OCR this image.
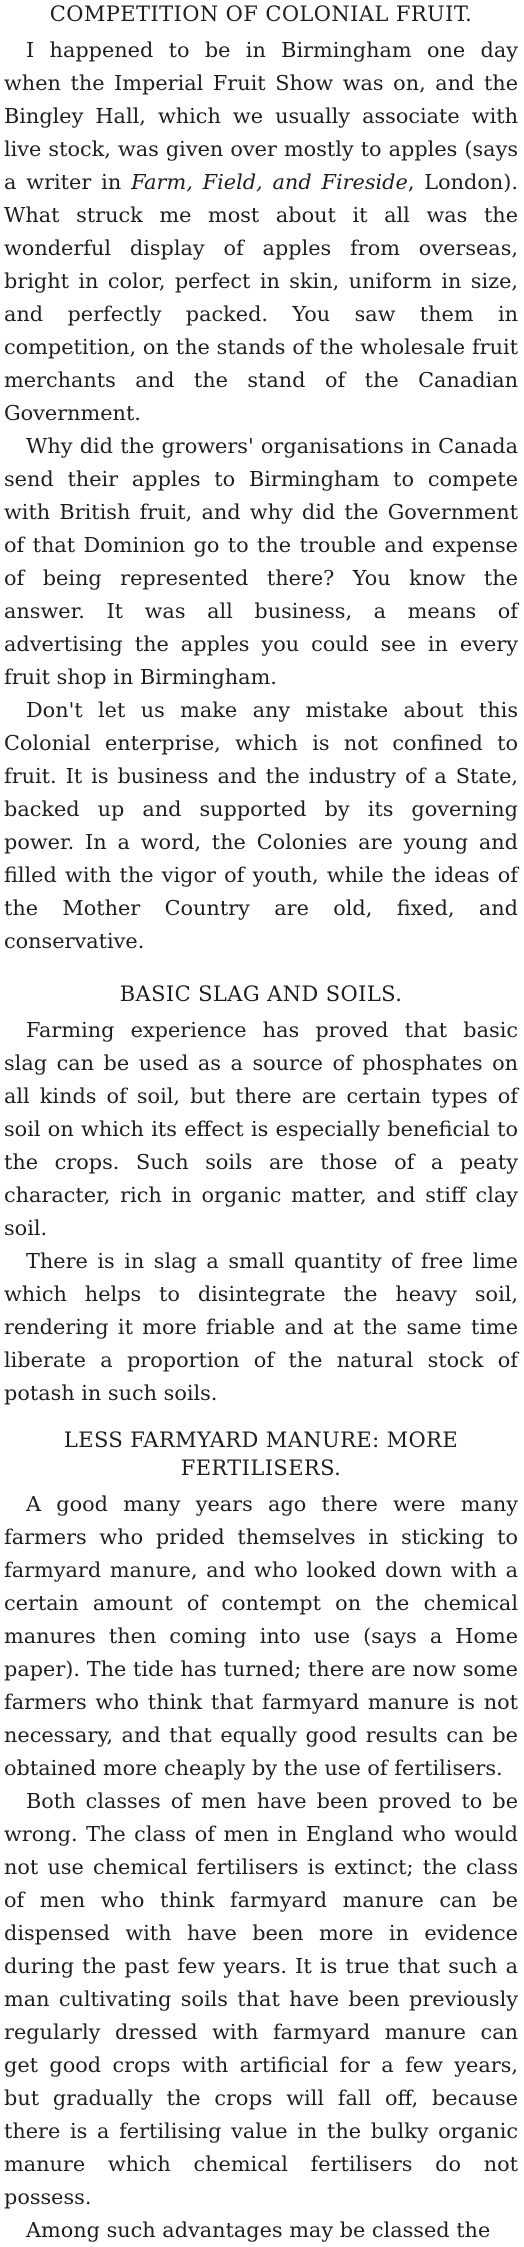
COMPETITION OF COLONIAL FRUIT.

I happened to be in Birmingham one day when the Imperial Fruit Show was on, and the Bingley Hall, which we usually associate with live stock, was given over mostly to apples (says a writer in Farm, Field, and Fireside, London). What struck me most about it all was the wonderful display of apples from overseas, bright in color, perfect in skin, uniform in size, and perfectly packed. You saw them in competition, on the stands of the wholesale fruit merchants and the stand of the Canadian Government.

Why did the growers' organisations in Canada send their apples to Birmingham to compete with British fruit, and why did the Government of that Dominion go to the trouble and expense of being represented there? You know the answer. It was all business, a means of advertising the apples you could see in every fruit shop in Birmingham.

Don't let us make any mistake about this Colonial enterprise, which is not confined to fruit. It is business and the industry of a State, backed up and supported by its governing power. In a word, the Colonies are young and filled with the vigor of youth, while the ideas of the Mother Country are old, fixed, and conservative.

BASIC SLAG AND SOILS.

Farming experience has proved that basic slag can be used as a source of phosphates on all kinds of soil, but there are certain types of soil on which its effect is especially beneficial to the crops. Such soils are those of a peaty character, rich in organic matter, and stiff clay soil.

There is in slag a small quantity of free lime which helps to disintegrate the heavy soil, rendering it more friable and at the same time liberate a proportion of the natural stock of potash in such soils.

LESS FARMYARD MANURE: MORE FERTILISERS.

A good many years ago there were many farmers who prided themselves in sticking to farmyard manure, and who looked down with a certain amount of contempt on the chemical manures then coming into use (says a Home paper). The tide has turned; there are now some farmers who think that farmyard manure is not necessary, and that equally good results can be obtained more cheaply by the use of fertilisers.

Both classes of men have been proved to be wrong. The class of men in England who would not use chemical fertilisers is extinct; the class of men who think farmyard manure can be dispensed with have been more in evidence during the past few years. It is true that such a man cultivating soils that have been previously regularly dressed with farmyard manure can get good crops with artificial for a few years, but gradually the crops will fall off, because there is a fertilising value in the bulky organic manure which chemical fertilisers do not possess.

Among such advantages may be classed the
